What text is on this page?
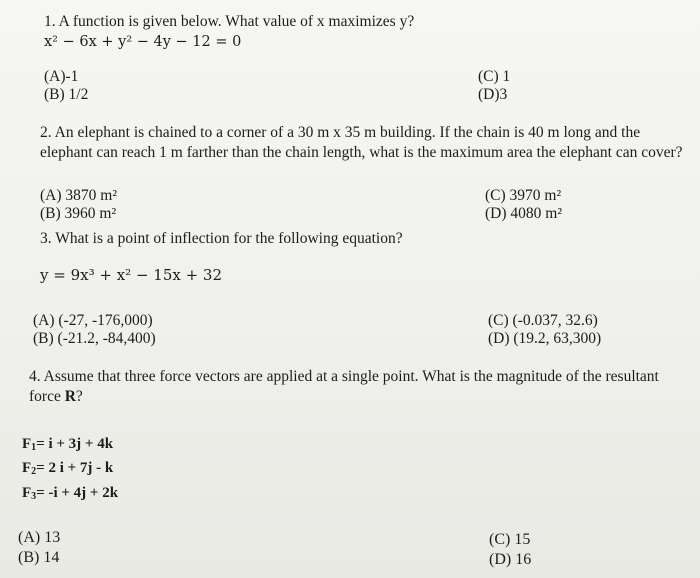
1. A function is given below. What value of x maximizes y?
x² − 6x + y² − 4y − 12 = 0
(A)-1
(B) 1/2
(C) 1
(D)3
2. An elephant is chained to a corner of a 30 m x 35 m building. If the chain is 40 m long and the elephant can reach 1 m farther than the chain length, what is the maximum area the elephant can cover?
(A) 3870 m²
(B) 3960 m²
(C) 3970 m²
(D) 4080 m²
3. What is a point of inflection for the following equation?
y = 9x³ + x² − 15x + 32
(A) (-27, -176,000)
(B) (-21.2, -84,400)
(C) (-0.037, 32.6)
(D) (19.2, 63,300)
4. Assume that three force vectors are applied at a single point. What is the magnitude of the resultant force R?
$F_1= i + 3j + 4k$
$F_2= 2$ i + 7j - k
$F_3= -i + 4j + 2k$
(A) 13
(B) 14
(C) 15
(D) 16
